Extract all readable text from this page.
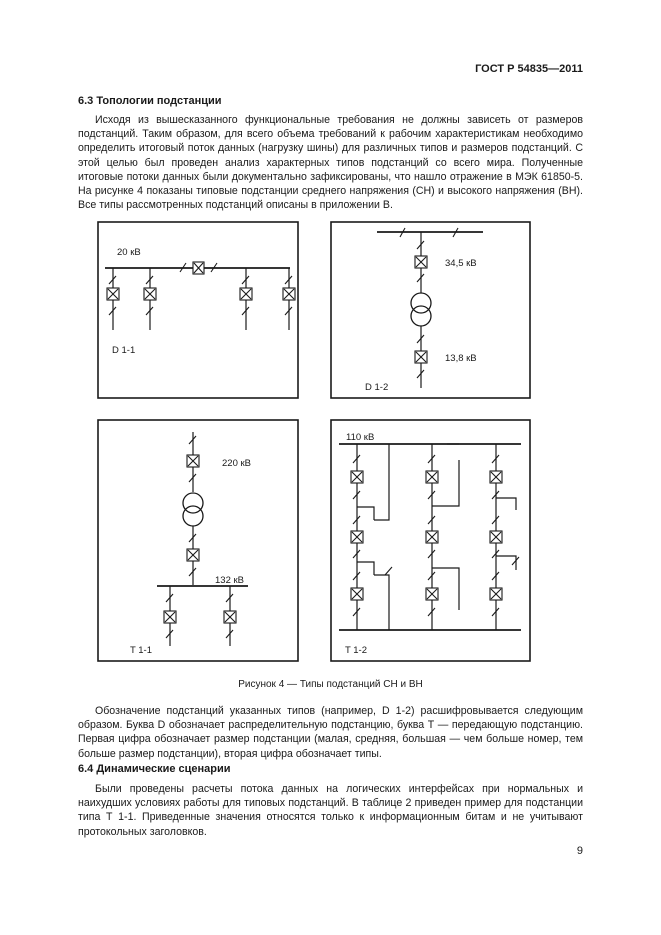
ГОСТ Р 54835—2011
6.3 Топологии подстанции
Исходя из вышесказанного функциональные требования не должны зависеть от размеров подстанций. Таким образом, для всего объема требований к рабочим характеристикам необходимо определить итоговый поток данных (нагрузку шины) для различных типов и размеров подстанций. С этой целью был проведен анализ характерных типов подстанций со всего мира. Полученные итоговые потоки данных были документально зафиксированы, что нашло отражение в МЭК 61850-5. На рисунке 4 показаны типовые подстанции среднего напряжения (СН) и высокого напряжения (ВН). Все типы рассмотренных подстанций описаны в приложении В.
20 кВ
D 1-1
34,5 кВ
13,8 кВ
D 1-2
220 кВ
132 кВ
T 1-1
110 кВ
T 1-2
Рисунок 4 — Типы подстанций СН и ВН
Обозначение подстанций указанных типов (например, D 1-2) расшифровывается следующим образом. Буква D обозначает распределительную подстанцию, буква Т — передающую подстанцию. Первая цифра обозначает размер подстанции (малая, средняя, большая — чем больше номер, тем больше размер подстанции), вторая цифра обозначает типы.
6.4 Динамические сценарии
Были проведены расчеты потока данных на логических интерфейсах при нормальных и наихудших условиях работы для типовых подстанций. В таблице 2 приведен пример для подстанции типа Т 1-1. Приведенные значения относятся только к информационным битам и не учитывают протокольных заголовков.
9
